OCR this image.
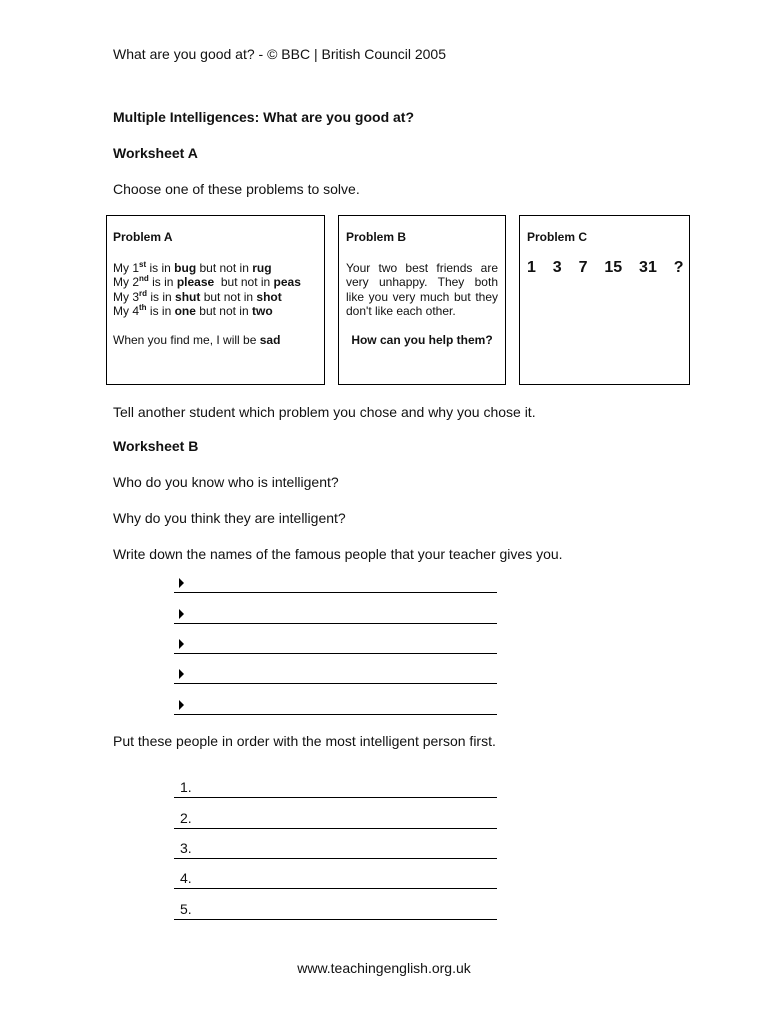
What are you good at? - © BBC | British Council 2005
Multiple Intelligences: What are you good at?
Worksheet A
Choose one of these problems to solve.
Problem A
My 1st is in bug but not in rug
My 2nd is in please  but not in peas
My 3rd is in shut but not in shot
My 4th is in one but not in two
When you find me, I will be sad
Problem B
Your two best friends are very unhappy. They both like you very much but they don't like each other.
How can you help them?
Problem C
1  3  7  15  31  ?
Tell another student which problem you chose and why you chose it.
Worksheet B
Who do you know who is intelligent?
Why do you think they are intelligent?
Write down the names of the famous people that your teacher gives you.
Put these people in order with the most intelligent person first.
1.
2.
3.
4.
5.
www.teachingenglish.org.uk
